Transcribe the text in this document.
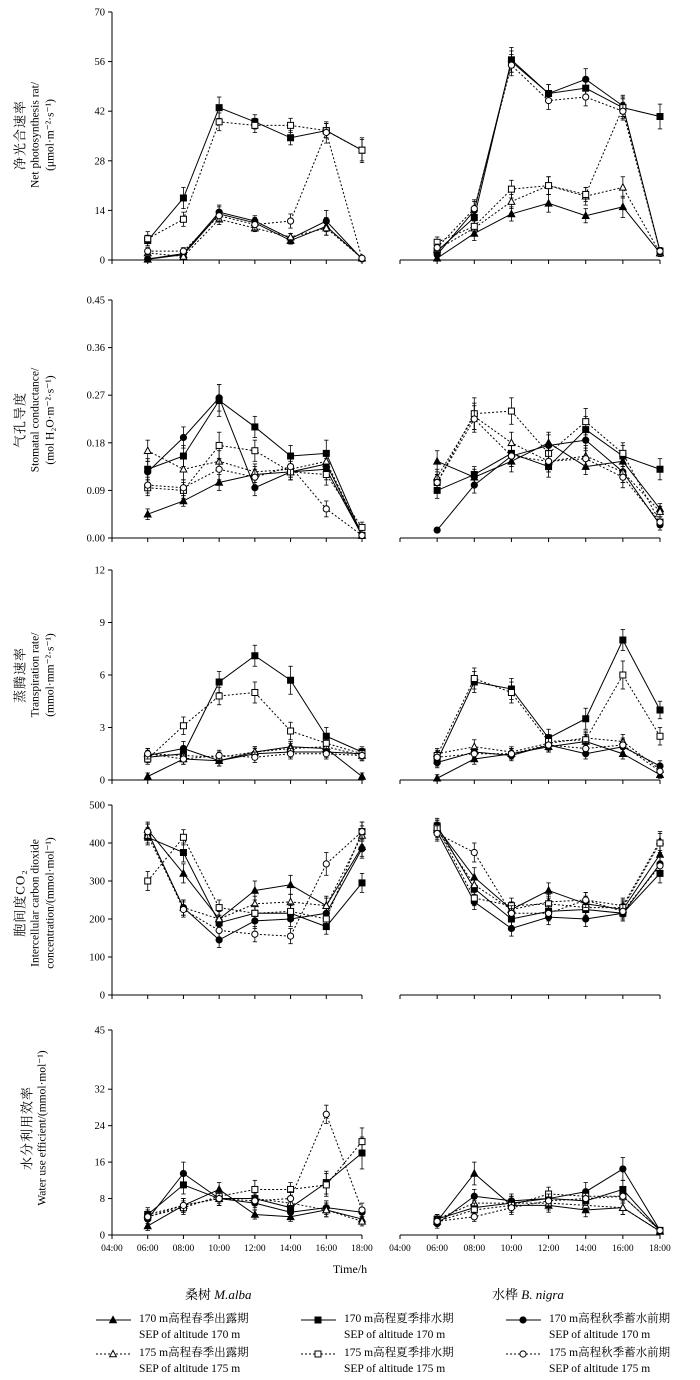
净光合速率 Net photosynthesis rat/ (μmol·m⁻²·s⁻¹)
气孔导度 Stomatal conductance/ (mol H₂O·m⁻²·s⁻¹)
蒸腾速率 Transpiration rate/ (mmol·mm⁻²·s⁻¹)
胞间度CO₂ Intercellular carbon dioxide concentration/(mmol·mol⁻¹)
水分利用效率 Water use efficient/(mmol·mol⁻¹)
0
14
28
42
56
70
0.00
0.09
0.18
0.27
0.36
0.45
0
3
6
9
12
0
100
200
300
400
500
0
8
16
24
32
45
04:00 06:00 08:00 10:00 12:00 14:00 16:00 18:00 04:00 06:00 08:00 10:00 12:00 14:00 16:00 18:00
Time/h
桑树 M.alba	水桦 B. nigra
170 m高程春季出露期
SEP of altitude 170 m
170 m高程夏季排水期
SEP of altitude 170 m
170 m高程秋季蓄水前期
SEP of altitude 170 m
175 m高程春季出露期
SEP of altitude 175 m
175 m高程夏季排水期
SEP of altitude 175 m
175 m高程秋季蓄水前期
SEP of altitude 175 m
